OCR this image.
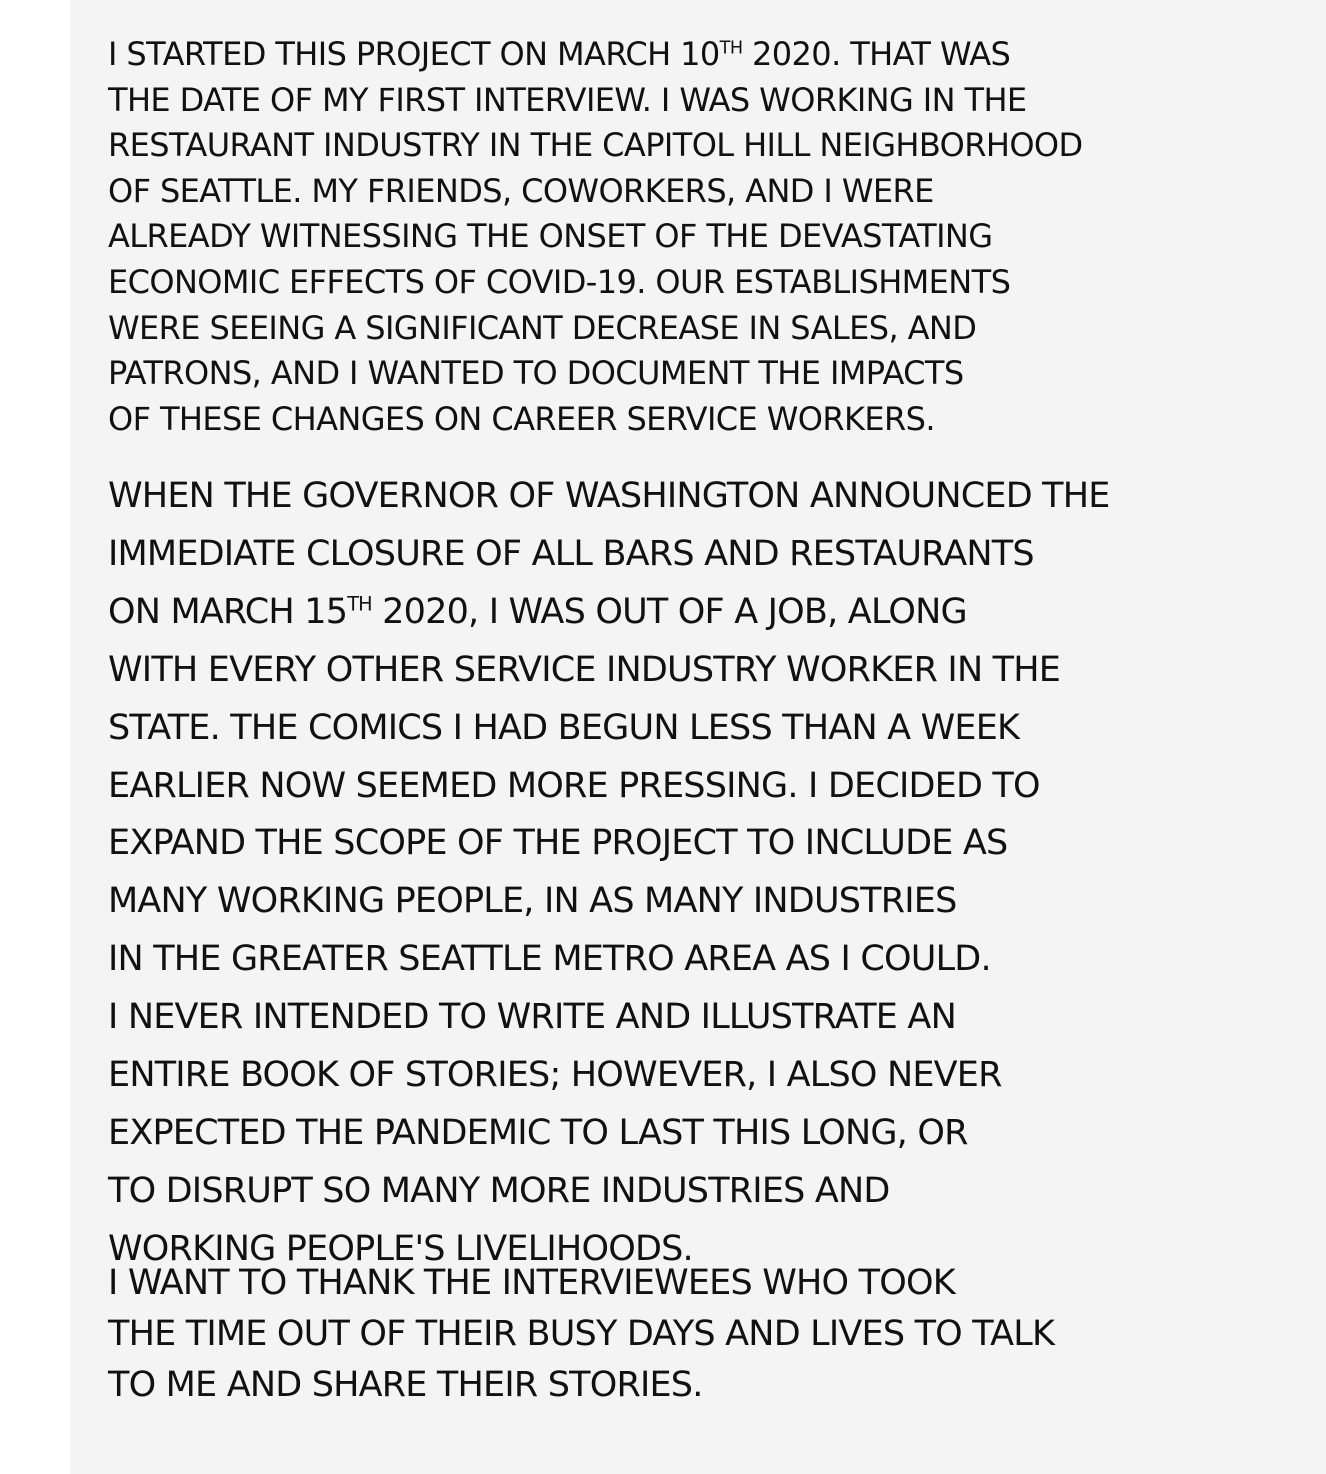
I STARTED THIS PROJECT ON MARCH 10TH 2020. THAT WAS
THE DATE OF MY FIRST INTERVIEW. I WAS WORKING IN THE
RESTAURANT INDUSTRY IN THE CAPITOL HILL NEIGHBORHOOD
OF SEATTLE. MY FRIENDS, COWORKERS, AND I WERE
ALREADY WITNESSING THE ONSET OF THE DEVASTATING
ECONOMIC EFFECTS OF COVID-19. OUR ESTABLISHMENTS
WERE SEEING A SIGNIFICANT DECREASE IN SALES, AND
PATRONS, AND I WANTED TO DOCUMENT THE IMPACTS
OF THESE CHANGES ON CAREER SERVICE WORKERS.

WHEN THE GOVERNOR OF WASHINGTON ANNOUNCED THE
IMMEDIATE CLOSURE OF ALL BARS AND RESTAURANTS
ON MARCH 15TH 2020, I WAS OUT OF A JOB, ALONG
WITH EVERY OTHER SERVICE INDUSTRY WORKER IN THE
STATE. THE COMICS I HAD BEGUN LESS THAN A WEEK
EARLIER NOW SEEMED MORE PRESSING. I DECIDED TO
EXPAND THE SCOPE OF THE PROJECT TO INCLUDE AS
MANY WORKING PEOPLE, IN AS MANY INDUSTRIES
IN THE GREATER SEATTLE METRO AREA AS I COULD.
I NEVER INTENDED TO WRITE AND ILLUSTRATE AN
ENTIRE BOOK OF STORIES; HOWEVER, I ALSO NEVER
EXPECTED THE PANDEMIC TO LAST THIS LONG, OR
TO DISRUPT SO MANY MORE INDUSTRIES AND
WORKING PEOPLE'S LIVELIHOODS.

I WANT TO THANK THE INTERVIEWEES WHO TOOK
THE TIME OUT OF THEIR BUSY DAYS AND LIVES TO TALK
TO ME AND SHARE THEIR STORIES.
